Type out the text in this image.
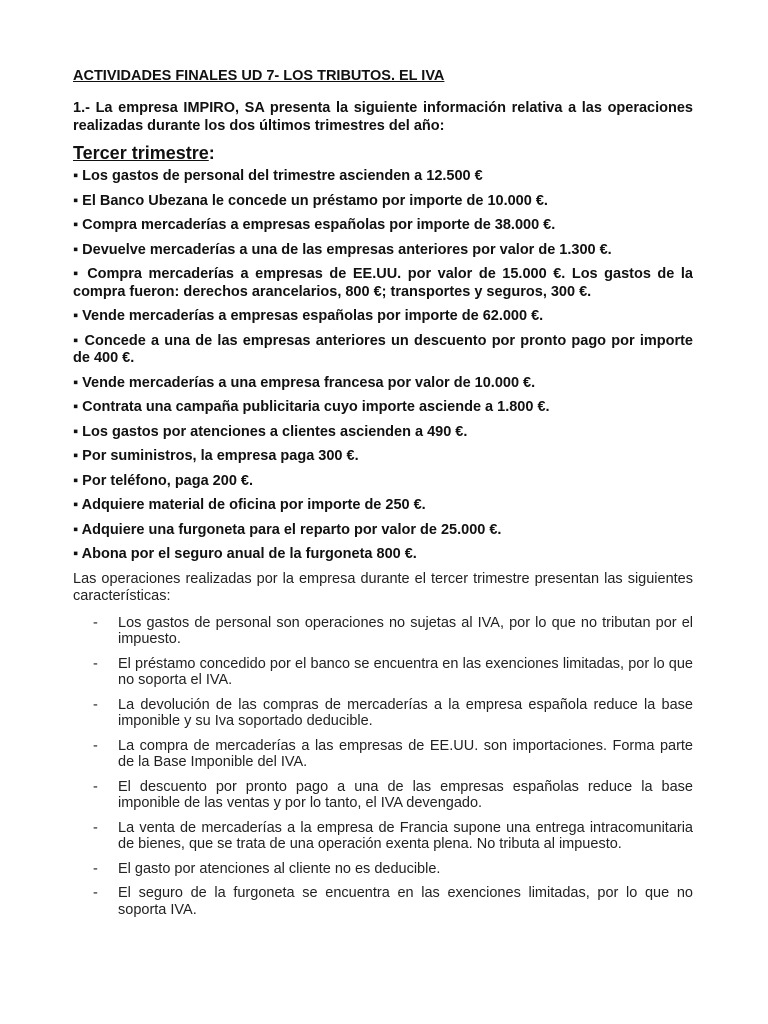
ACTIVIDADES FINALES UD 7- LOS TRIBUTOS. EL IVA

1.- La empresa IMPIRO, SA presenta la siguiente información relativa a las operaciones realizadas durante los dos últimos trimestres del año:

Tercer trimestre:
▪ Los gastos de personal del trimestre ascienden a 12.500 €
▪ El Banco Ubezana le concede un préstamo por importe de 10.000 €.
▪ Compra mercaderías a empresas españolas por importe de 38.000 €.
▪ Devuelve mercaderías a una de las empresas anteriores por valor de 1.300 €.
▪ Compra mercaderías a empresas de EE.UU. por valor de 15.000 €. Los gastos de la compra fueron: derechos arancelarios, 800 €; transportes y seguros, 300 €.
▪ Vende mercaderías a empresas españolas por importe de 62.000 €.
▪ Concede a una de las empresas anteriores un descuento por pronto pago por importe de 400 €.
▪ Vende mercaderías a una empresa francesa por valor de 10.000 €.
▪ Contrata una campaña publicitaria cuyo importe asciende a 1.800 €.
▪ Los gastos por atenciones a clientes ascienden a 490 €.
▪ Por suministros, la empresa paga 300 €.
▪ Por teléfono, paga 200 €.
▪ Adquiere material de oficina por importe de 250 €.
▪ Adquiere una furgoneta para el reparto por valor de 25.000 €.
▪ Abona por el seguro anual de la furgoneta 800 €.

Las operaciones realizadas por la empresa durante el tercer trimestre presentan las siguientes características:

- Los gastos de personal son operaciones no sujetas al IVA, por lo que no tributan por el impuesto.
- El préstamo concedido por el banco se encuentra en las exenciones limitadas, por lo que no soporta el IVA.
- La devolución de las compras de mercaderías a la empresa española reduce la base imponible y su Iva soportado deducible.
- La compra de mercaderías a las empresas de EE.UU. son importaciones. Forma parte de la Base Imponible del IVA.
- El descuento por pronto pago a una de las empresas españolas reduce la base imponible de las ventas y por lo tanto, el IVA devengado.
- La venta de mercaderías a la empresa de Francia supone una entrega intracomunitaria de bienes, que se trata de una operación exenta plena. No tributa al impuesto.
- El gasto por atenciones al cliente no es deducible.
- El seguro de la furgoneta se encuentra en las exenciones limitadas, por lo que no soporta IVA.
